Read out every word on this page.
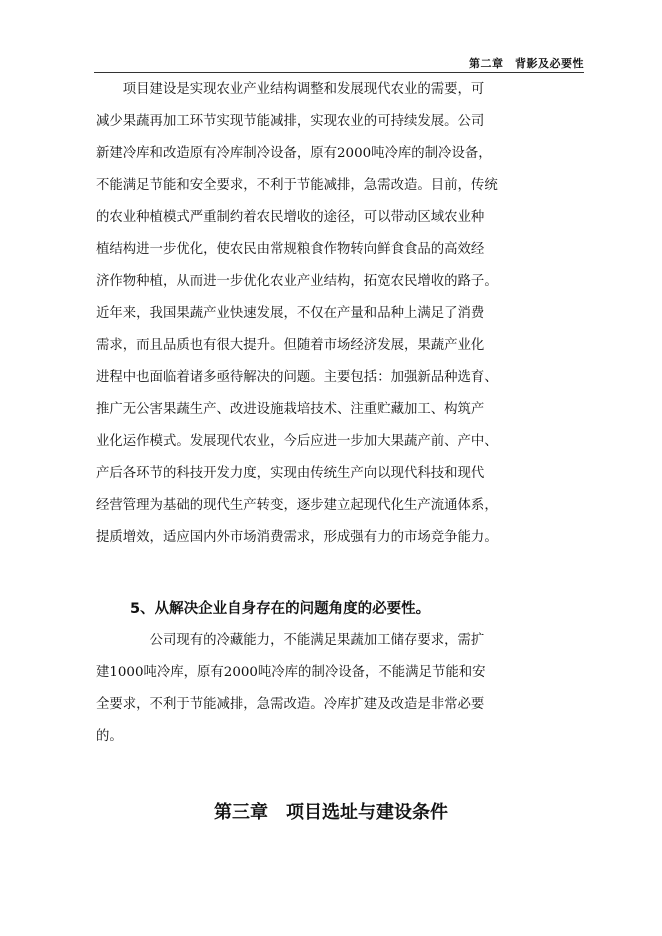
第二章　背影及必要性
　　项目建设是实现农业产业结构调整和发展现代农业的需要，可
减少果蔬再加工环节实现节能减排，实现农业的可持续发展。公司
新建冷库和改造原有冷库制冷设备，原有2000吨冷库的制冷设备，
不能满足节能和安全要求，不利于节能减排，急需改造。目前，传统
的农业种植模式严重制约着农民增收的途径，可以带动区域农业种
植结构进一步优化，使农民由常规粮食作物转向鲜食食品的高效经
济作物种植，从而进一步优化农业产业结构，拓宽农民增收的路子。
近年来，我国果蔬产业快速发展，不仅在产量和品种上满足了消费
需求，而且品质也有很大提升。但随着市场经济发展，果蔬产业化
进程中也面临着诸多亟待解决的问题。主要包括：加强新品种选育、
推广无公害果蔬生产、改进设施栽培技术、注重贮藏加工、构筑产
业化运作模式。发展现代农业，今后应进一步加大果蔬产前、产中、
产后各环节的科技开发力度，实现由传统生产向以现代科技和现代
经营管理为基础的现代生产转变，逐步建立起现代化生产流通体系，
提质增效，适应国内外市场消费需求，形成强有力的市场竞争能力。
5、从解决企业自身存在的问题角度的必要性。
　　　　公司现有的冷藏能力，不能满足果蔬加工储存要求，需扩
建1000吨冷库，原有2000吨冷库的制冷设备，不能满足节能和安
全要求，不利于节能减排，急需改造。冷库扩建及改造是非常必要
的。
第三章　项目选址与建设条件
